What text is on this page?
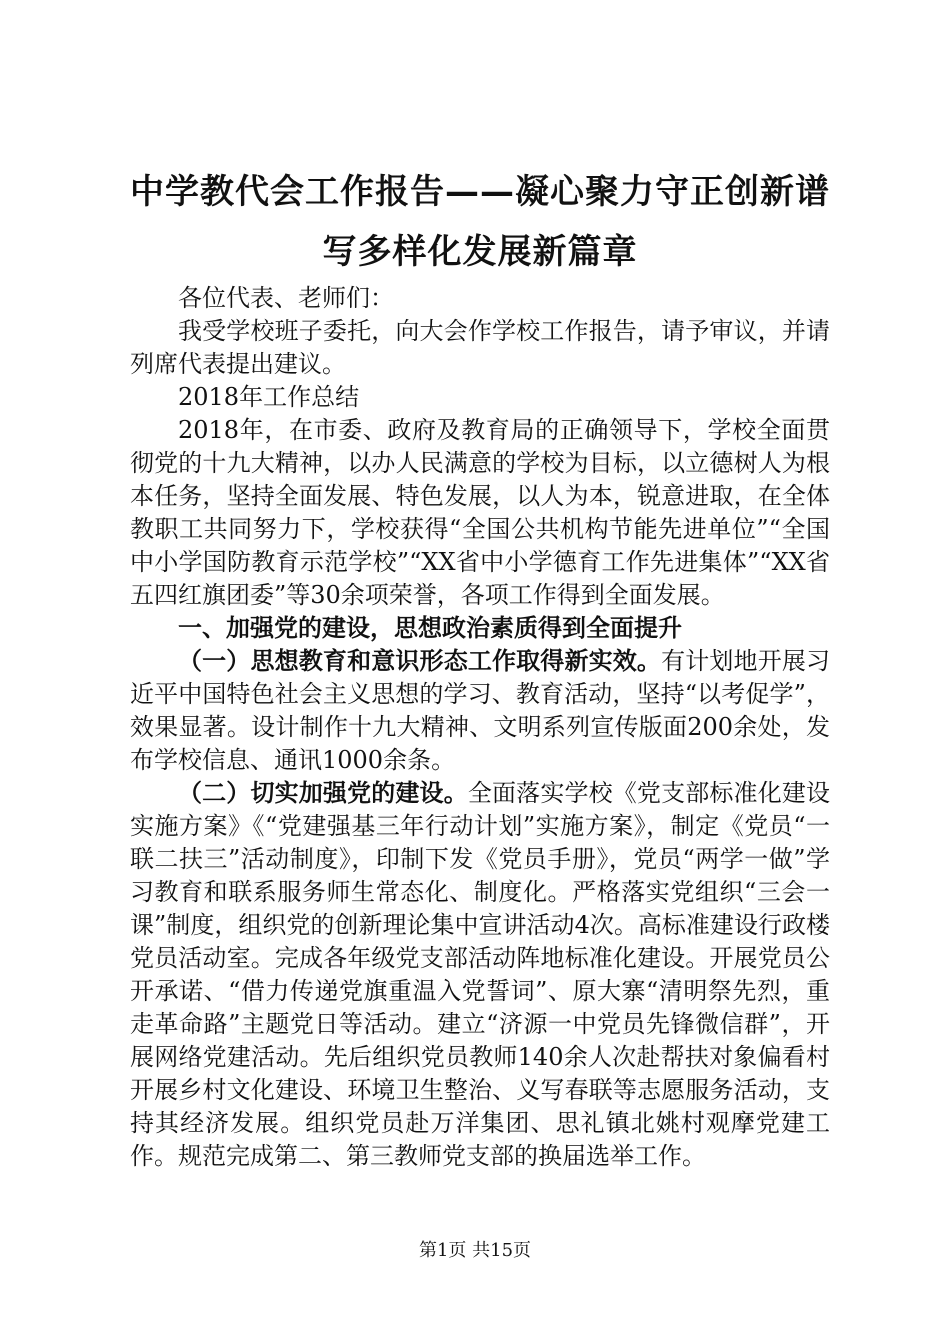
中学教代会工作报告——凝心聚力守正创新谱写多样化发展新篇章

各位代表、老师们：

我受学校班子委托，向大会作学校工作报告，请予审议，并请列席代表提出建议。

2018年工作总结

2018年，在市委、政府及教育局的正确领导下，学校全面贯彻党的十九大精神，以办人民满意的学校为目标，以立德树人为根本任务，坚持全面发展、特色发展，以人为本，锐意进取，在全体教职工共同努力下，学校获得“全国公共机构节能先进单位”“全国中小学国防教育示范学校”“XX省中小学德育工作先进集体”“XX省五四红旗团委”等30余项荣誉，各项工作得到全面发展。

一、加强党的建设，思想政治素质得到全面提升

（一）思想教育和意识形态工作取得新实效。有计划地开展习近平中国特色社会主义思想的学习、教育活动，坚持“以考促学”，效果显著。设计制作十九大精神、文明系列宣传版面200余处，发布学校信息、通讯1000余条。

（二）切实加强党的建设。全面落实学校《党支部标准化建设实施方案》《“党建强基三年行动计划”实施方案》，制定《党员“一联二扶三”活动制度》，印制下发《党员手册》，党员“两学一做”学习教育和联系服务师生常态化、制度化。严格落实党组织“三会一课”制度，组织党的创新理论集中宣讲活动4次。高标准建设行政楼党员活动室。完成各年级党支部活动阵地标准化建设。开展党员公开承诺、“借力传递党旗重温入党誓词”、原大寨“清明祭先烈，重走革命路”主题党日等活动。建立“济源一中党员先锋微信群”，开展网络党建活动。先后组织党员教师140余人次赴帮扶对象偏看村开展乡村文化建设、环境卫生整治、义写春联等志愿服务活动，支持其经济发展。组织党员赴万洋集团、思礼镇北姚村观摩党建工作。规范完成第二、第三教师党支部的换届选举工作。

第1页 共15页
